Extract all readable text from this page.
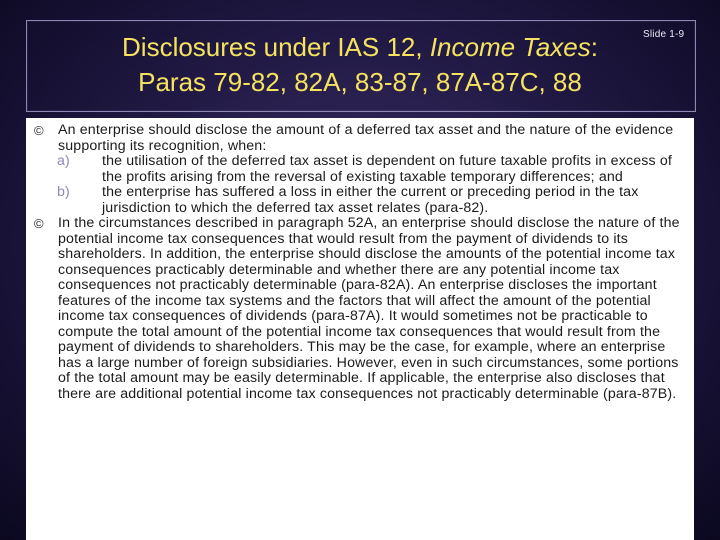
Slide 1-9
Disclosures under IAS 12, Income Taxes:
Paras 79-82, 82A, 83-87, 87A-87C, 88

©	An enterprise should disclose the amount of a deferred tax asset and the nature of the evidence supporting its recognition, when:

a) the utilisation of the deferred tax asset is dependent on future taxable profits in excess of the profits arising from the reversal of existing taxable temporary differences; and

b) the enterprise has suffered a loss in either the current or preceding period in the tax jurisdiction to which the deferred tax asset relates (para-82).

©	In the circumstances described in paragraph 52A, an enterprise should disclose the nature of the potential income tax consequences that would result from the payment of dividends to its shareholders. In addition, the enterprise should disclose the amounts of the potential income tax consequences practicably determinable and whether there are any potential income tax consequences not practicably determinable (para-82A). An enterprise discloses the important features of the income tax systems and the factors that will affect the amount of the potential income tax consequences of dividends (para-87A). It would sometimes not be practicable to compute the total amount of the potential income tax consequences that would result from the payment of dividends to shareholders. This may be the case, for example, where an enterprise has a large number of foreign subsidiaries. However, even in such circumstances, some portions of the total amount may be easily determinable. If applicable, the enterprise also discloses that there are additional potential income tax consequences not practicably determinable (para-87B).
